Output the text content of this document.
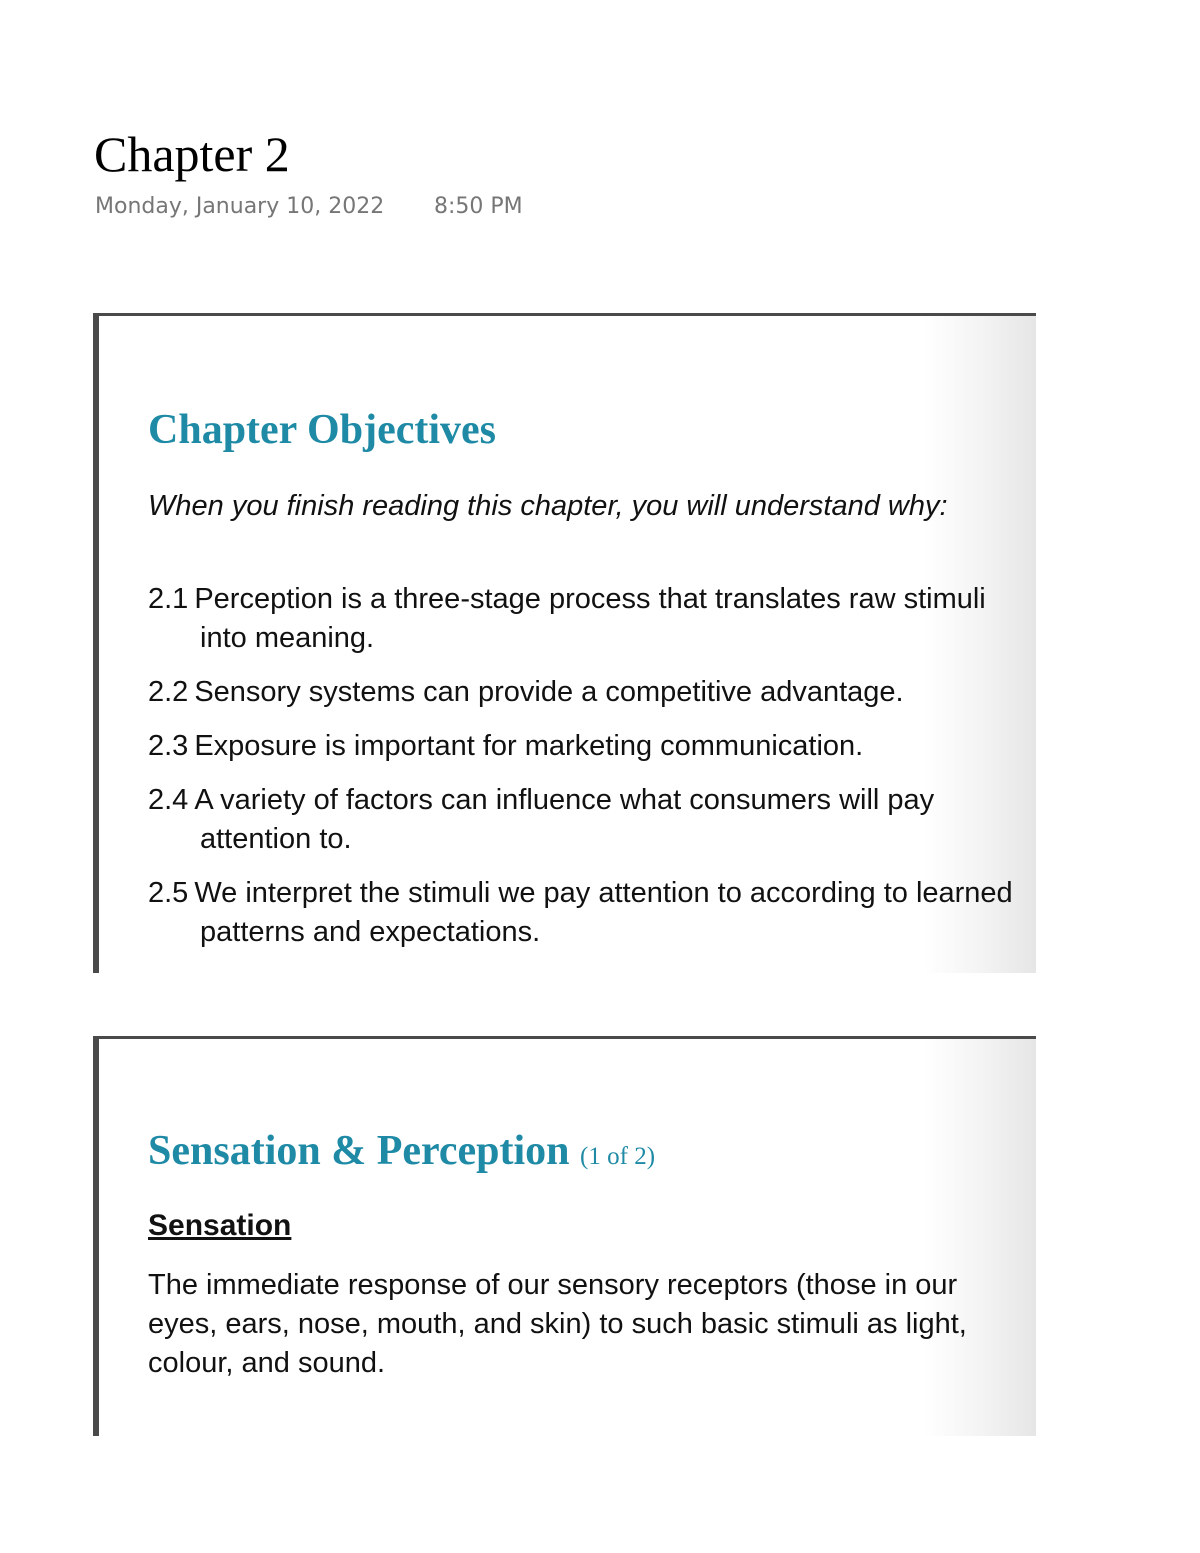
Chapter 2
Monday, January 10, 2022 8:50 PM
Chapter Objectives
When you finish reading this chapter, you will understand why:
2.1 Perception is a three-stage process that translates raw stimuli into meaning.
2.2 Sensory systems can provide a competitive advantage.
2.3 Exposure is important for marketing communication.
2.4 A variety of factors can influence what consumers will pay attention to.
2.5 We interpret the stimuli we pay attention to according to learned patterns and expectations.
Sensation & Perception (1 of 2)
Sensation
The immediate response of our sensory receptors (those in our eyes, ears, nose, mouth, and skin) to such basic stimuli as light, colour, and sound.
